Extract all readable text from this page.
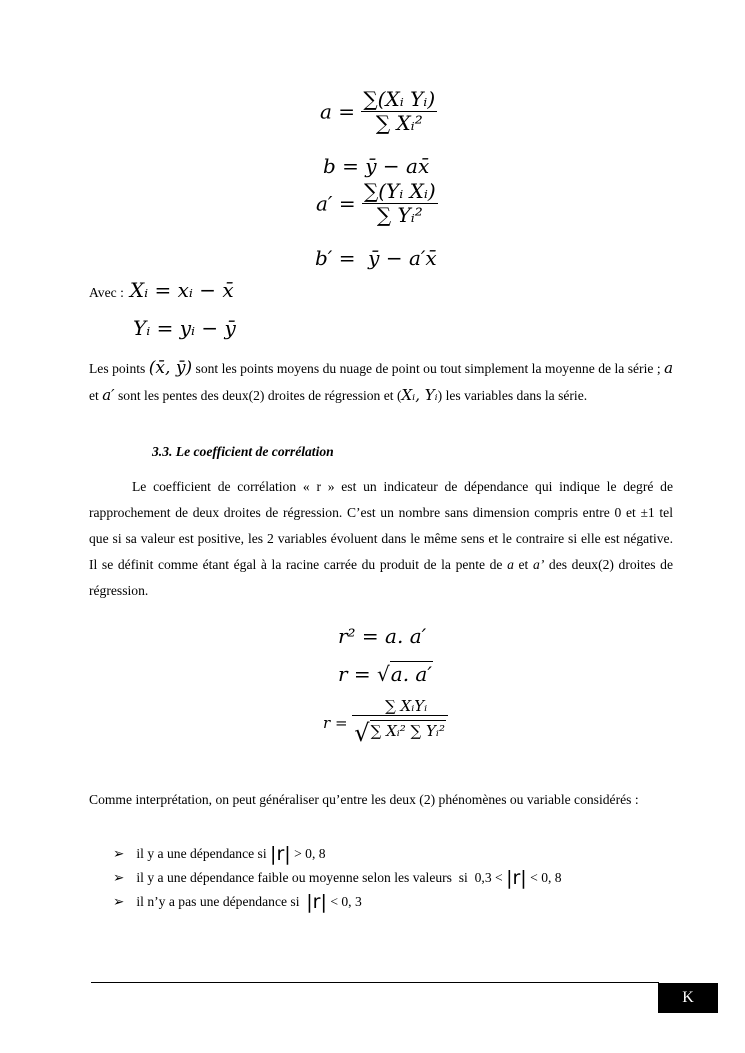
$a = \frac{\text{∑(Xᵢ Yᵢ)}}{\text{∑ Xᵢ²}}$
b = ȳ − ax̄
$a' = \frac{\text{∑(Yᵢ Xᵢ)}}{\text{∑ Yᵢ²}}$
b′ =  ȳ − a′x̄
Avec : Xᵢ = xᵢ − x̄
Yᵢ = yᵢ − ȳ
Les points (x̄, ȳ) sont les points moyens du nuage de point ou tout simplement la moyenne de la série ; a et a′ sont les pentes des deux(2) droites de régression et (Xᵢ, Yᵢ) les variables dans la série.
3.3. Le coefficient de corrélation
Le coefficient de corrélation « r » est un indicateur de dépendance qui indique le degré de rapprochement de deux droites de régression. C’est un nombre sans dimension compris entre 0 et ±1 tel que si sa valeur est positive, les 2 variables évoluent dans le même sens et le contraire si elle est négative. Il se définit comme étant égal à la racine carrée du produit de la pente de a et a’ des deux(2) droites de régression.
r² = a. a′
r = √a. a′
$r = \frac{\text{∑ XᵢYᵢ}}{\text{√∑ Xᵢ² ∑ Yᵢ²}}$
Comme interprétation, on peut généraliser qu’entre les deux (2) phénomènes ou variable considérés :
➢ il y a une dépendance si |r| > 0, 8
➢ il y a une dépendance faible ou moyenne selon les valeurs  si  0,3 < |r| < 0, 8
➢ il n’y a pas une dépendance si  |r| < 0, 3
K
